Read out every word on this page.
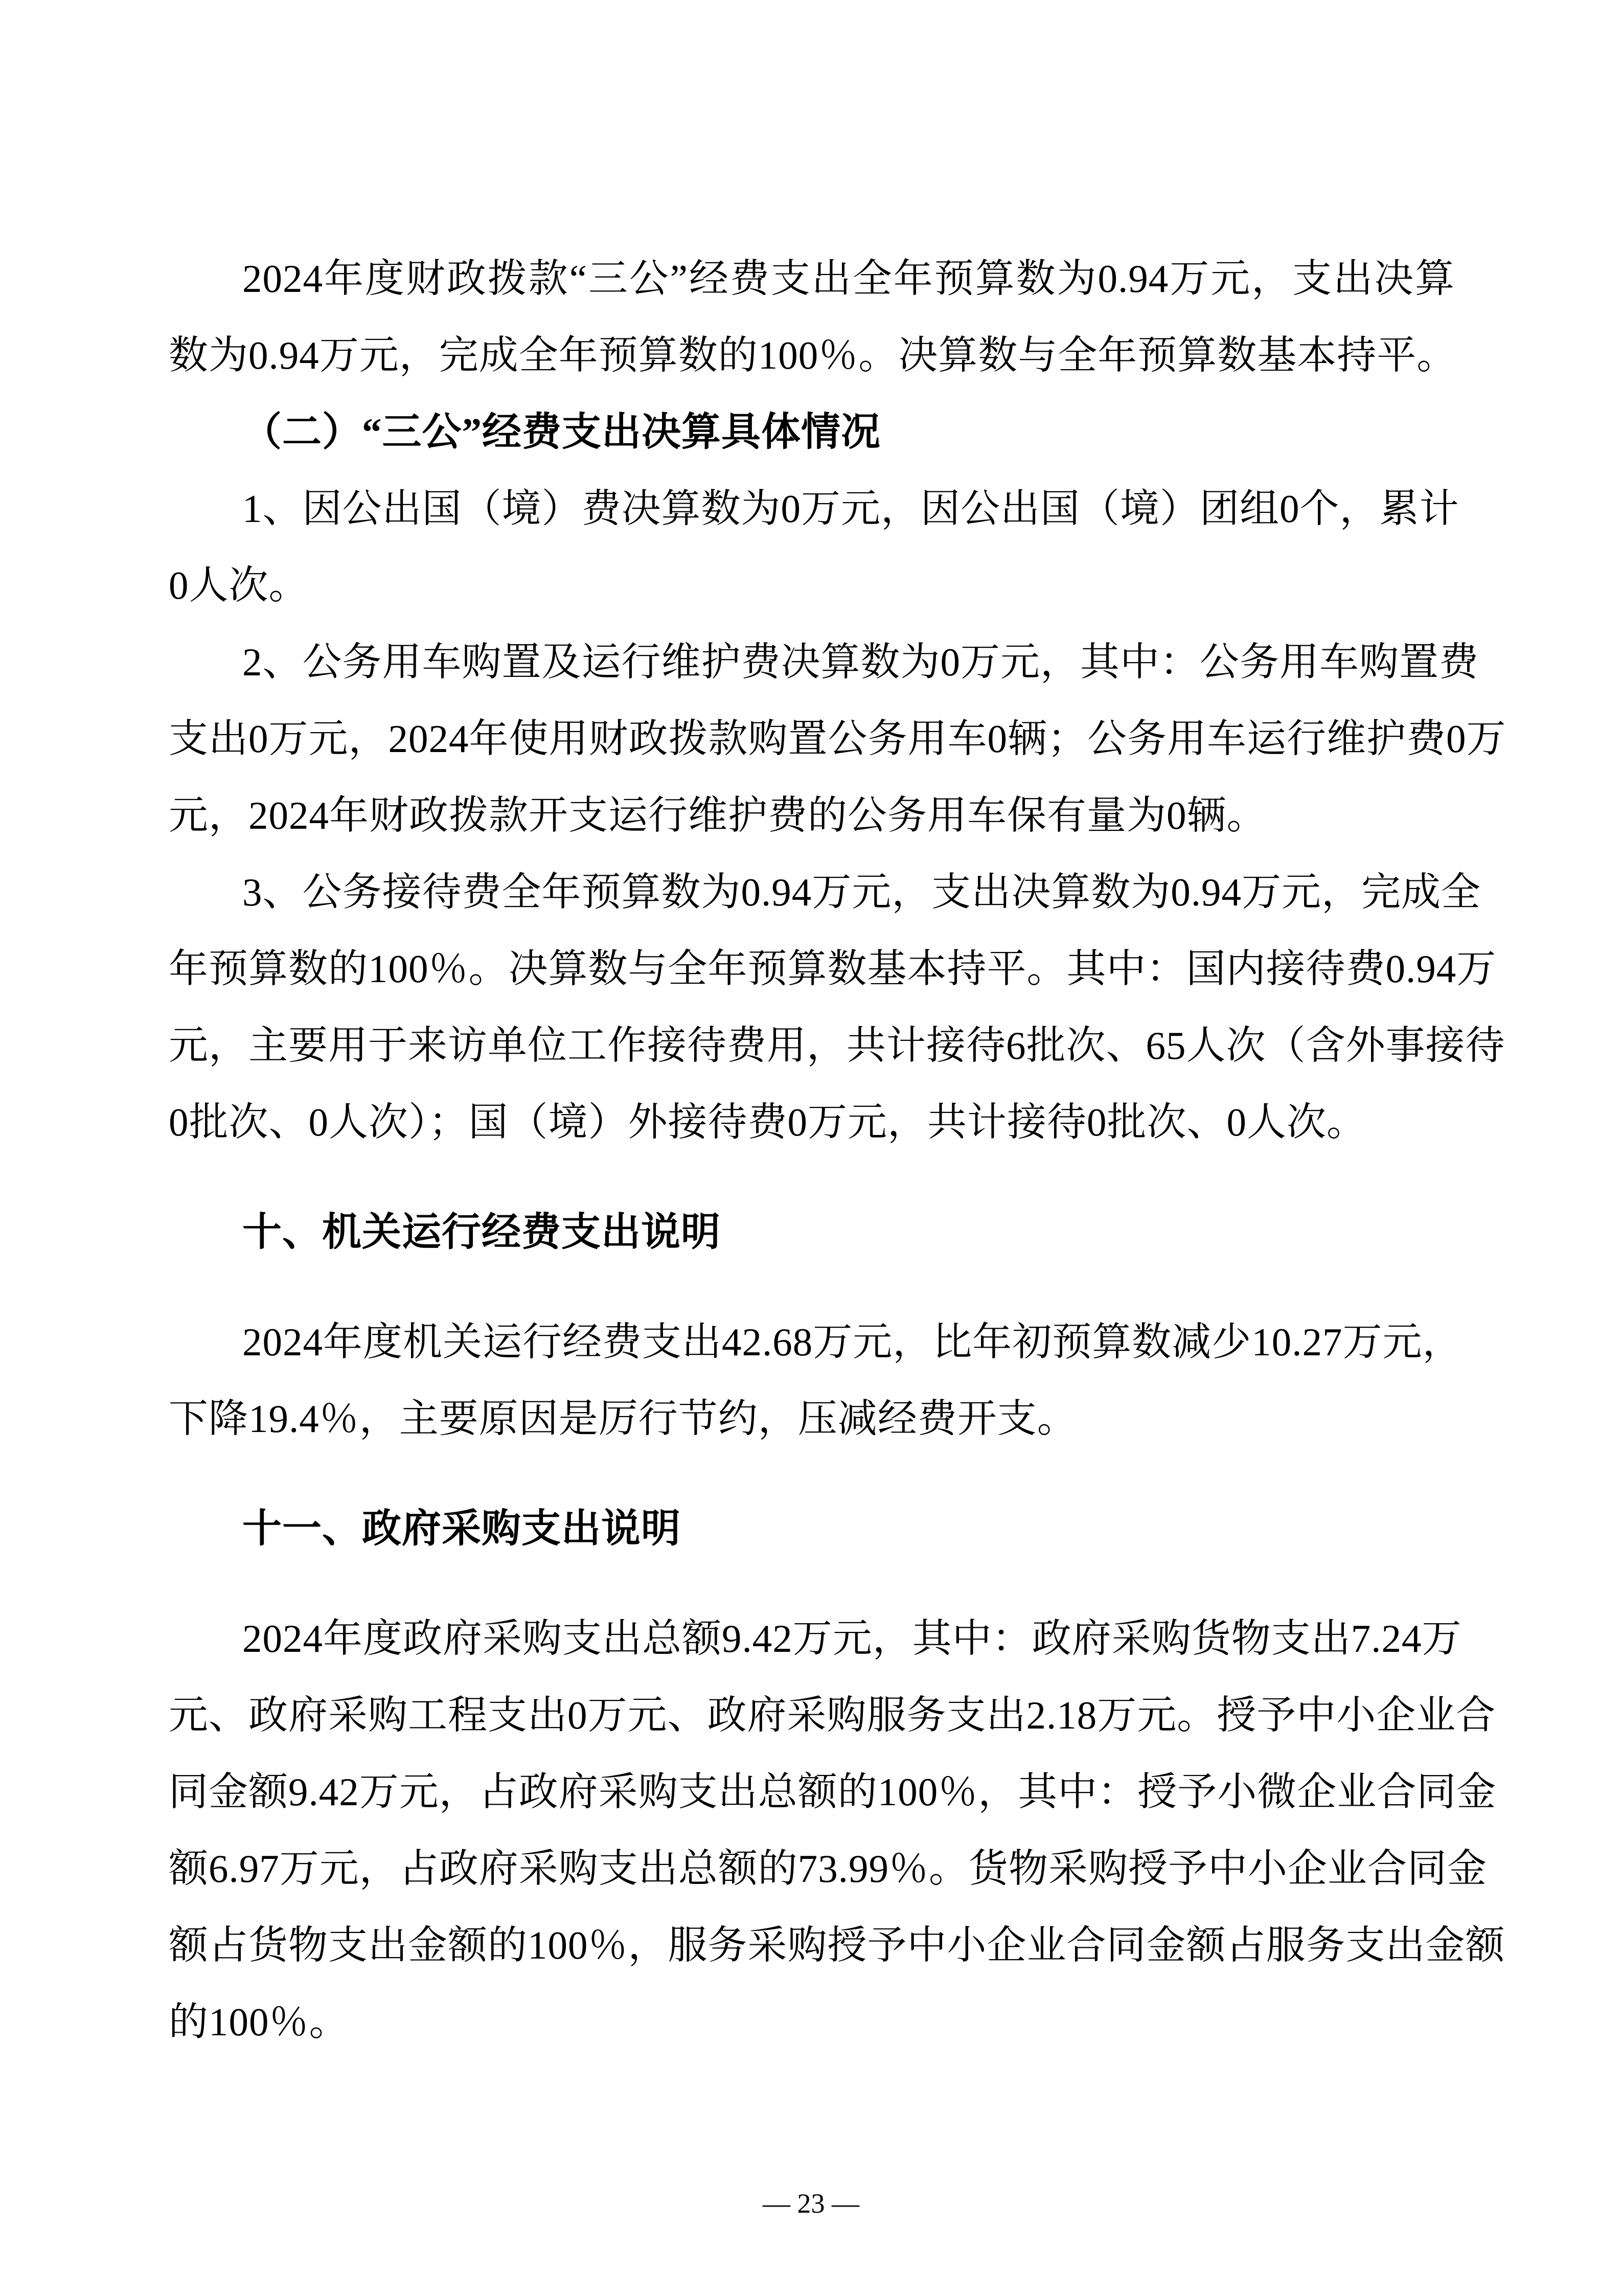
2024年度财政拨款“三公”经费支出全年预算数为0.94万元，支出决算
数为0.94万元，完成全年预算数的100％。决算数与全年预算数基本持平。
（二）“三公”经费支出决算具体情况
1、因公出国（境）费决算数为0万元，因公出国（境）团组0个，累计
0人次。
2、公务用车购置及运行维护费决算数为0万元，其中：公务用车购置费
支出0万元，2024年使用财政拨款购置公务用车0辆；公务用车运行维护费0万
元，2024年财政拨款开支运行维护费的公务用车保有量为0辆。
3、公务接待费全年预算数为0.94万元，支出决算数为0.94万元，完成全
年预算数的100％。决算数与全年预算数基本持平。其中：国内接待费0.94万
元，主要用于来访单位工作接待费用，共计接待6批次、65人次（含外事接待
0批次、0人次）；国（境）外接待费0万元，共计接待0批次、0人次。
十、机关运行经费支出说明
2024年度机关运行经费支出42.68万元，比年初预算数减少10.27万元，
下降19.4％，主要原因是厉行节约，压减经费开支。
十一、政府采购支出说明
2024年度政府采购支出总额9.42万元，其中：政府采购货物支出7.24万
元、政府采购工程支出0万元、政府采购服务支出2.18万元。授予中小企业合
同金额9.42万元，占政府采购支出总额的100％，其中：授予小微企业合同金
额6.97万元，占政府采购支出总额的73.99％。货物采购授予中小企业合同金
额占货物支出金额的100％，服务采购授予中小企业合同金额占服务支出金额
的100％。
— 23 —
